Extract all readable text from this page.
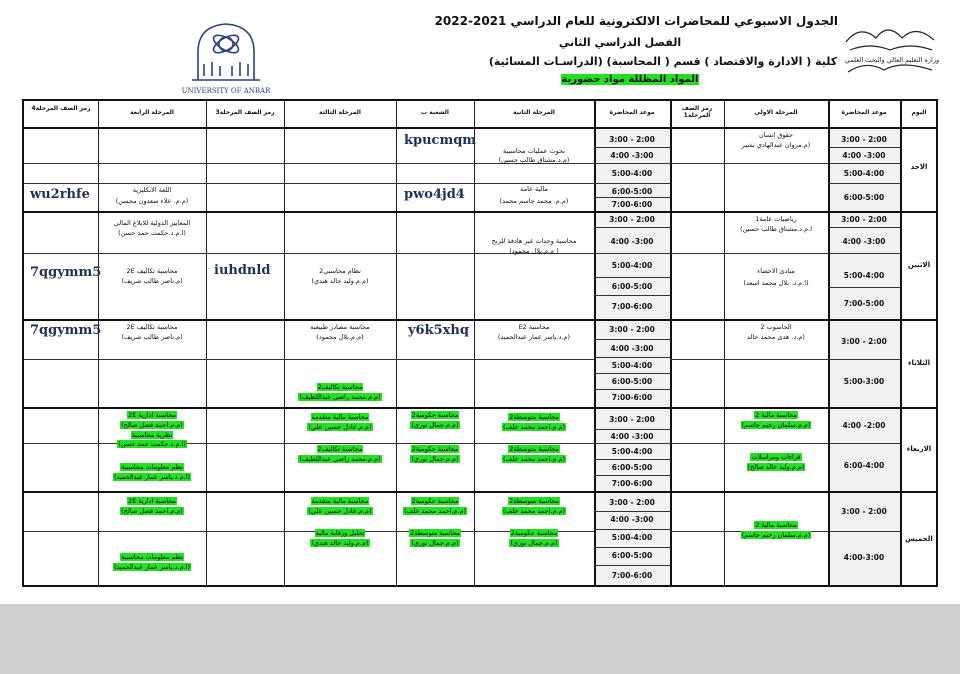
UNIVERSITY OF ANBAR
وزارة التعليم العالي والبحث العلمي
الجدول الاسبوعي للمحاضرات الالكترونية للعام الدراسي 2021-2022
الفصل الدراسي الثاني
كلية ( الادارة والاقتصاد ) قسم ( المحاسبة) (الدراسـات المسائية)
المواد المظللة مواد حضورية
اليوم
موعد المحاضرة
المرحلة الاولى
رمز الصف المرحلة1
موعد المحاضرة
المرحلة الثانية
الشعبة ب
المرحلة الثالثة
رمز الصف المرحلة3
المرحلة الرابعة
رمز الصف المرحلة4
الاحد
الاثنين
الثلاثاء
الاربعاء
الخميس
3:00 - 2:00
4:00 -3:00
5:00-4:00
6:00-5:00
3:00 - 2:00
4:00 -3:00
5:00-4:00
7:00-5:00
3:00 - 2:00
5:00-3:00
4:00 -2:00
6:00-4:00
3:00 - 2:00
4:00-3:00
3:00 - 2:00
4:00 -3:00
5:00-4:00
6:00-5:00
7:00-6:00
3:00 - 2:00
4:00 -3:00
5:00-4:00
6:00-5:00
7:00-6:00
3:00 - 2:00
4:00 -3:00
5:00-4:00
6:00-5:00
7:00-6:00
3:00 - 2:00
4:00 -3:00
5:00-4:00
6:00-5:00
7:00-6:00
3:00 - 2:00
4:00 -3:00
5:00-4:00
6:00-5:00
7:00-6:00
حقوق انسان
(م.مروان عبدالهادي بشير
بحوث عمليات محاسبية
(م.د.مشتاق طالب حسين)
مالية عامة
(م.م. محمد جاسم محمد)
kpucmqm
pwo4jd4
اللغة الانكليزية
(م.م. علاء سعدون محسن)
wu2rhfe
رياضيات عامة1
ا.م.د.مشتاق طالب حسين)
مبادئ الاحصاء
(ا.م.د. بلال محمد اسعد)
محاسبة وحدات غير هادفة للربح
( م.م.بلال محمود)
نظام محاسبي2
(م.م.وليد خالد هندي)
iuhdnld
المعايير الدولية للابلاغ المالي
(ا.م.د.حكمت حمد حسن)
محاسبة تكاليف 2E
(م.ناصر طالب شريف)
7qgymm5
الحاسوب 2
(م.د. هدى محمد خالد
محاسبة E2
(م.د.ياسر عمار عبدالحميد)
y6k5xhq
محاسبة مصادر طبيعية
(م.م.بلال محمود)
محاسبة تكاليف2
(م.م.محمد راضي عبداللطيف)
محاسبة تكاليف 2E
(م.ناصر طالب شريف)
7qgymm5
محاسبة مالية 2
(م.م.سلمان رحيم جاسم)
قراءات ومراسلات
(م.م.وليد خالد صالح)
محاسبة متوسطة2
(م.م.احمد محمد خلف)
محاسبة متوسطة2
(م.م.احمد محمد خلف)
محاسبة حكومية2
(م.م.جمال نوري)
محاسبة حكومية2
(م.م.جمال نوري)
محاسبة مالية متقدمة
(م.م.عادل حسين علي)
محاسبة تكاليف2
(م.م.محمد راضي عبداللطيف)
محاسبة ادارية 2E
(م.م.احمد فضل صالح)
نظرية محاسبية
(ا.م.د.حكمت حمد حسن)
نظم معلومات محاسبية
(ا.م.د.ياسر عمار عبدالحميد)
محاسبة مالية 2
(م.م.سلمان رحيم جاسم)
محاسبة متوسطة2
(م.م.احمد محمد خلف)
محاسبة حكومية2
(م.م.جمال نوري)
محاسبة حكومية2
(م.م.احمد محمد خلف)
محاسبة متوسطة2
(م.م.جمال نوري)
محاسبة مالية متقدمة
(م.م.عادل حسين علي)
تحليل ورقابة مالية
(م.م.وليد خالد هندي)
محاسبة ادارية 2E
(م.م.احمد فضل صالح)
نظم معلومات محاسبية
(ا.م.د.ياسر عمار عبدالحميد)
